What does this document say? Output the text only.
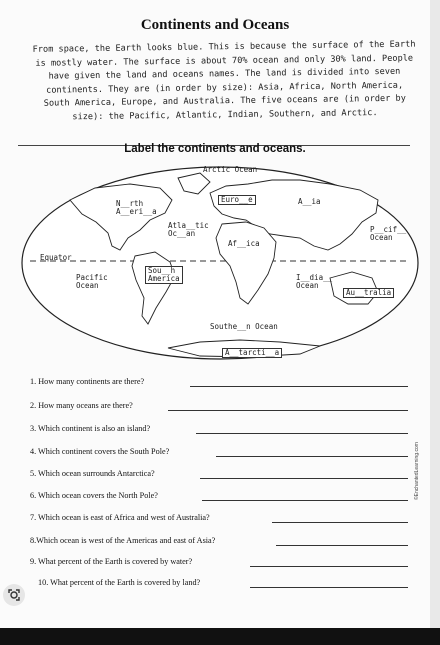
Continents and Oceans
From space, the Earth looks blue. This is because the surface of the Earth
is mostly water. The surface is about 70% ocean and only 30% land. People
have given the land and oceans names. The land is divided into seven
continents. They are (in order by size): Asia, Africa, North America,
South America, Europe, and Australia. The five oceans are (in order by
size): the Pacific, Atlantic, Indian, Southern, and Arctic.
Label the continents and oceans.
Arctic Ocean
N__rth
A__eri__a
Euro__e	A__ia
Atla__tic
Oc__an
Af__ica
P__cif__
Ocean
Equator
Pacific
Ocean
Sou__h
America	I__dia__
Ocean
Au__tralia
Southe__n Ocean
A__tarcti__a
1. How many continents are there?
2. How many oceans are there?
3. Which continent is also an island?
4. Which continent covers the South Pole?
5. Which ocean surrounds Antarctica?
6. Which ocean covers the North Pole?
7. Which ocean is east of Africa and west of Australia?
8.Which ocean is west of the Americas and east of Asia?
9. What percent of the Earth is covered by water?
10. What percent of the Earth is covered by land?
©EnchantedLearning.com
